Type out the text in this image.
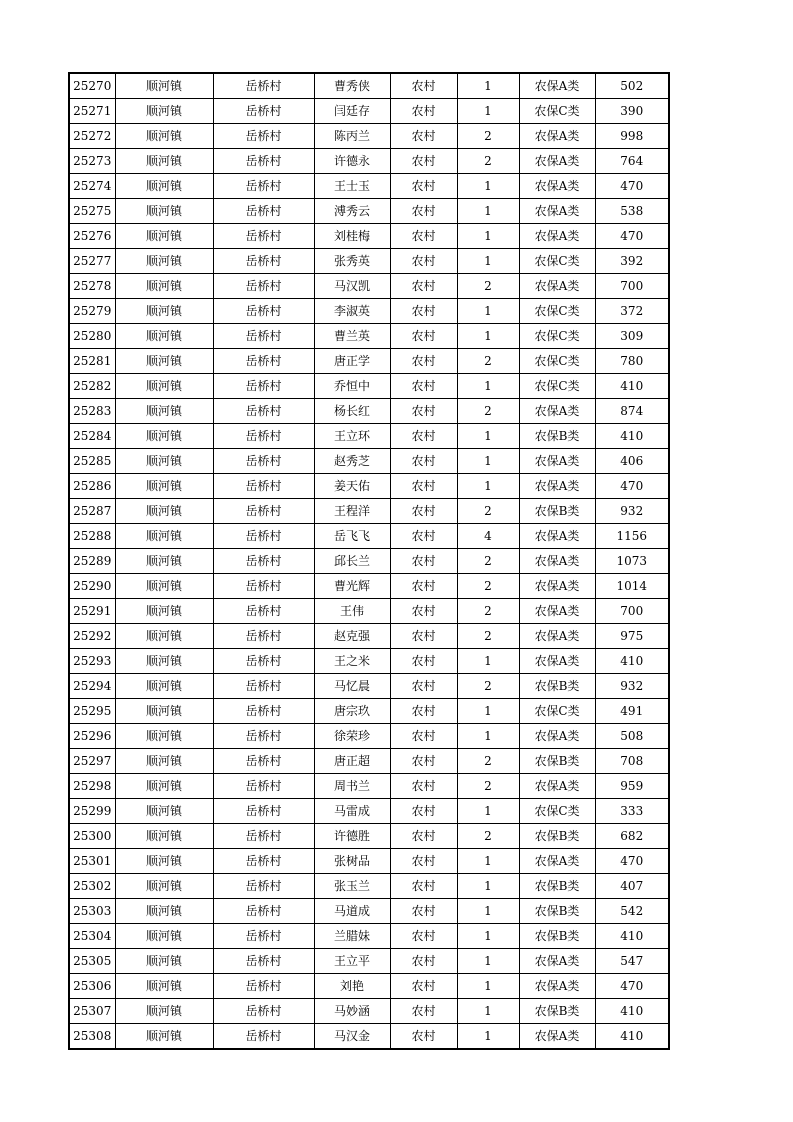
25270	顺河镇	岳桥村	曹秀侠	农村	1	农保A类	502
25271	顺河镇	岳桥村	闫廷存	农村	1	农保C类	390
25272	顺河镇	岳桥村	陈丙兰	农村	2	农保A类	998
25273	顺河镇	岳桥村	许德永	农村	2	农保A类	764
25274	顺河镇	岳桥村	王士玉	农村	1	农保A类	470
25275	顺河镇	岳桥村	溥秀云	农村	1	农保A类	538
25276	顺河镇	岳桥村	刘桂梅	农村	1	农保A类	470
25277	顺河镇	岳桥村	张秀英	农村	1	农保C类	392
25278	顺河镇	岳桥村	马汉凯	农村	2	农保A类	700
25279	顺河镇	岳桥村	李淑英	农村	1	农保C类	372
25280	顺河镇	岳桥村	曹兰英	农村	1	农保C类	309
25281	顺河镇	岳桥村	唐正学	农村	2	农保C类	780
25282	顺河镇	岳桥村	乔恒中	农村	1	农保C类	410
25283	顺河镇	岳桥村	杨长红	农村	2	农保A类	874
25284	顺河镇	岳桥村	王立环	农村	1	农保B类	410
25285	顺河镇	岳桥村	赵秀芝	农村	1	农保A类	406
25286	顺河镇	岳桥村	姜天佑	农村	1	农保A类	470
25287	顺河镇	岳桥村	王程洋	农村	2	农保B类	932
25288	顺河镇	岳桥村	岳飞飞	农村	4	农保A类	1156
25289	顺河镇	岳桥村	邱长兰	农村	2	农保A类	1073
25290	顺河镇	岳桥村	曹光辉	农村	2	农保A类	1014
25291	顺河镇	岳桥村	王伟	农村	2	农保A类	700
25292	顺河镇	岳桥村	赵克强	农村	2	农保A类	975
25293	顺河镇	岳桥村	王之米	农村	1	农保A类	410
25294	顺河镇	岳桥村	马忆晨	农村	2	农保B类	932
25295	顺河镇	岳桥村	唐宗玖	农村	1	农保C类	491
25296	顺河镇	岳桥村	徐荣珍	农村	1	农保A类	508
25297	顺河镇	岳桥村	唐正超	农村	2	农保B类	708
25298	顺河镇	岳桥村	周书兰	农村	2	农保A类	959
25299	顺河镇	岳桥村	马雷成	农村	1	农保C类	333
25300	顺河镇	岳桥村	许德胜	农村	2	农保B类	682
25301	顺河镇	岳桥村	张树品	农村	1	农保A类	470
25302	顺河镇	岳桥村	张玉兰	农村	1	农保B类	407
25303	顺河镇	岳桥村	马道成	农村	1	农保B类	542
25304	顺河镇	岳桥村	兰腊妹	农村	1	农保B类	410
25305	顺河镇	岳桥村	王立平	农村	1	农保A类	547
25306	顺河镇	岳桥村	刘艳	农村	1	农保A类	470
25307	顺河镇	岳桥村	马妙涵	农村	1	农保B类	410
25308	顺河镇	岳桥村	马汉金	农村	1	农保A类	410
